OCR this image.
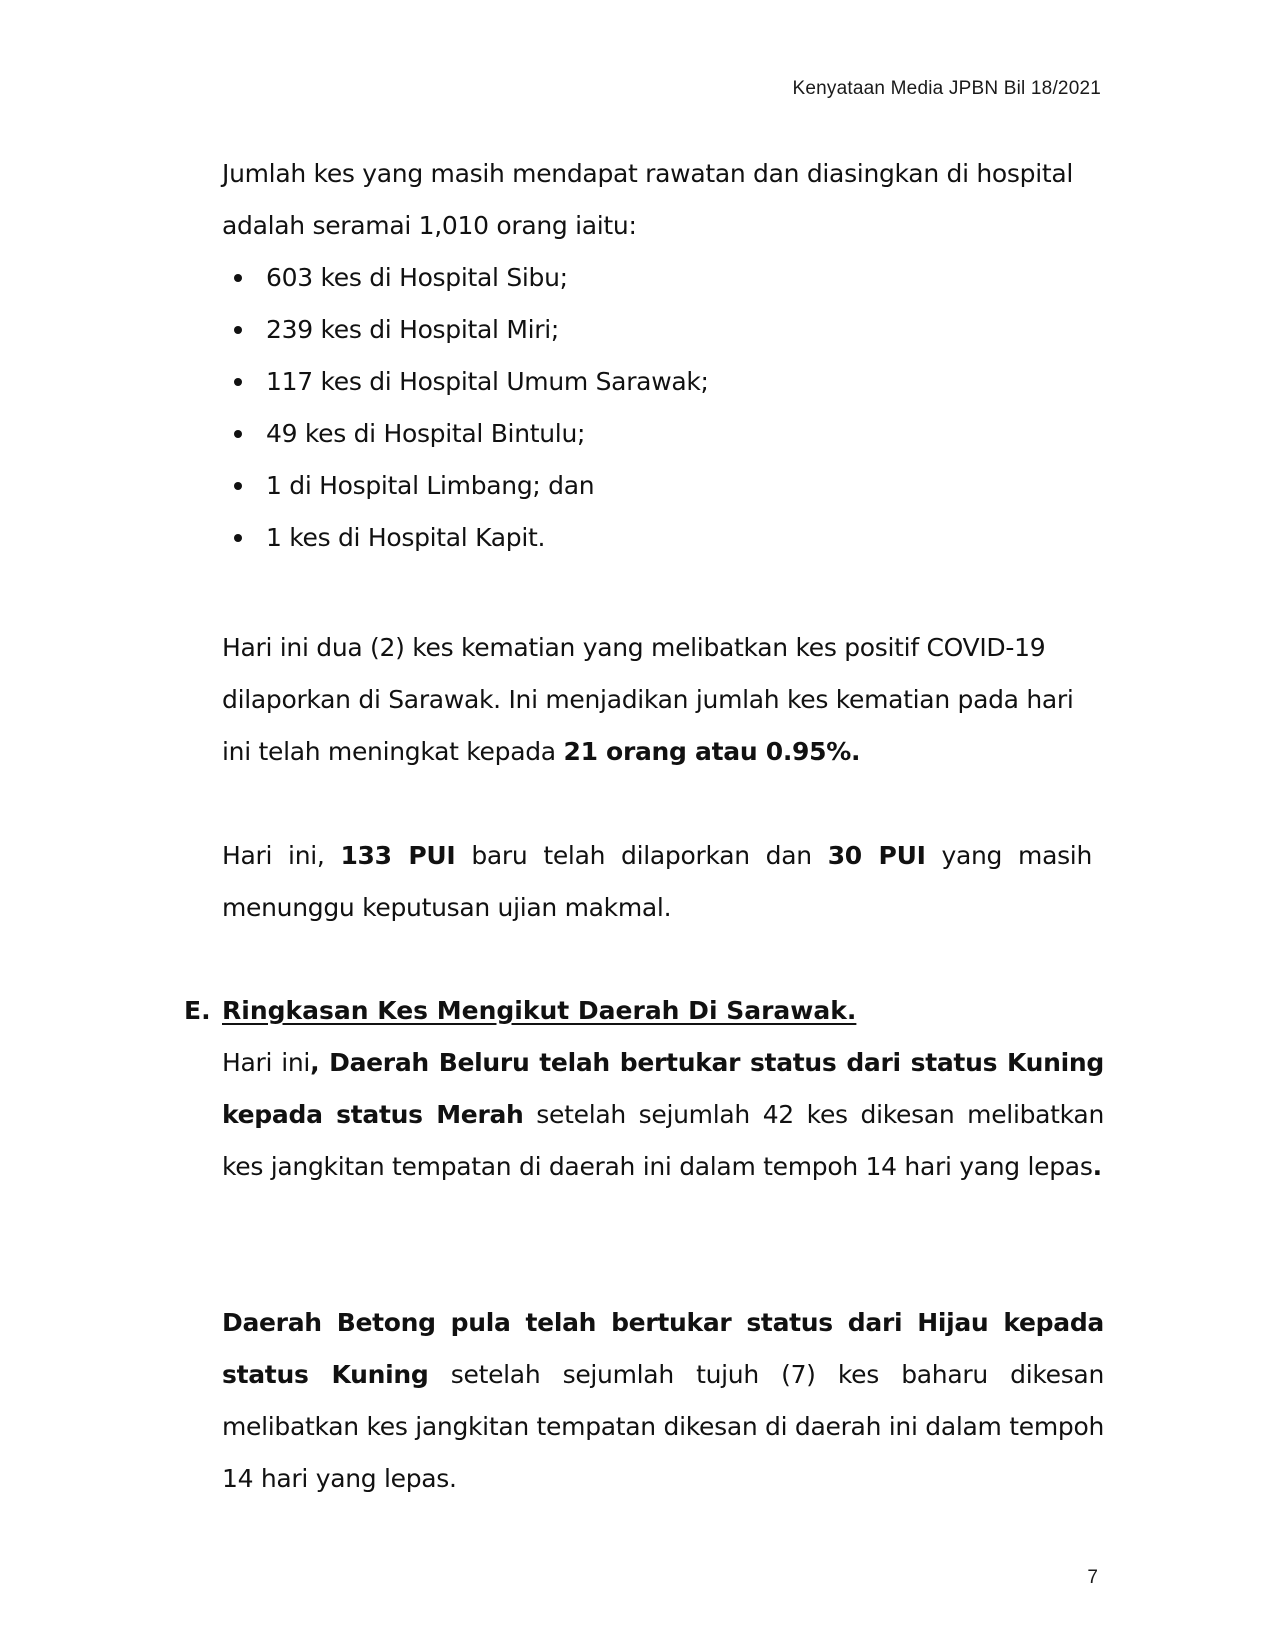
Kenyataan Media JPBN Bil 18/2021

Jumlah kes yang masih mendapat rawatan dan diasingkan di hospital adalah seramai 1,010 orang iaitu:

603 kes di Hospital Sibu;
239 kes di Hospital Miri;
117 kes di Hospital Umum Sarawak;
49 kes di Hospital Bintulu;
1 di Hospital Limbang; dan
1 kes di Hospital Kapit.

Hari ini dua (2) kes kematian yang melibatkan kes positif COVID-19 dilaporkan di Sarawak. Ini menjadikan jumlah kes kematian pada hari ini telah meningkat kepada 21 orang atau 0.95%.

Hari ini, 133 PUI baru telah dilaporkan dan 30 PUI yang masih menunggu keputusan ujian makmal.

E. Ringkasan Kes Mengikut Daerah Di Sarawak.

Hari ini, Daerah Beluru telah bertukar status dari status Kuning kepada status Merah setelah sejumlah 42 kes dikesan melibatkan kes jangkitan tempatan di daerah ini dalam tempoh 14 hari yang lepas.

Daerah Betong pula telah bertukar status dari Hijau kepada status Kuning setelah sejumlah tujuh (7) kes baharu dikesan melibatkan kes jangkitan tempatan dikesan di daerah ini dalam tempoh 14 hari yang lepas.

7
